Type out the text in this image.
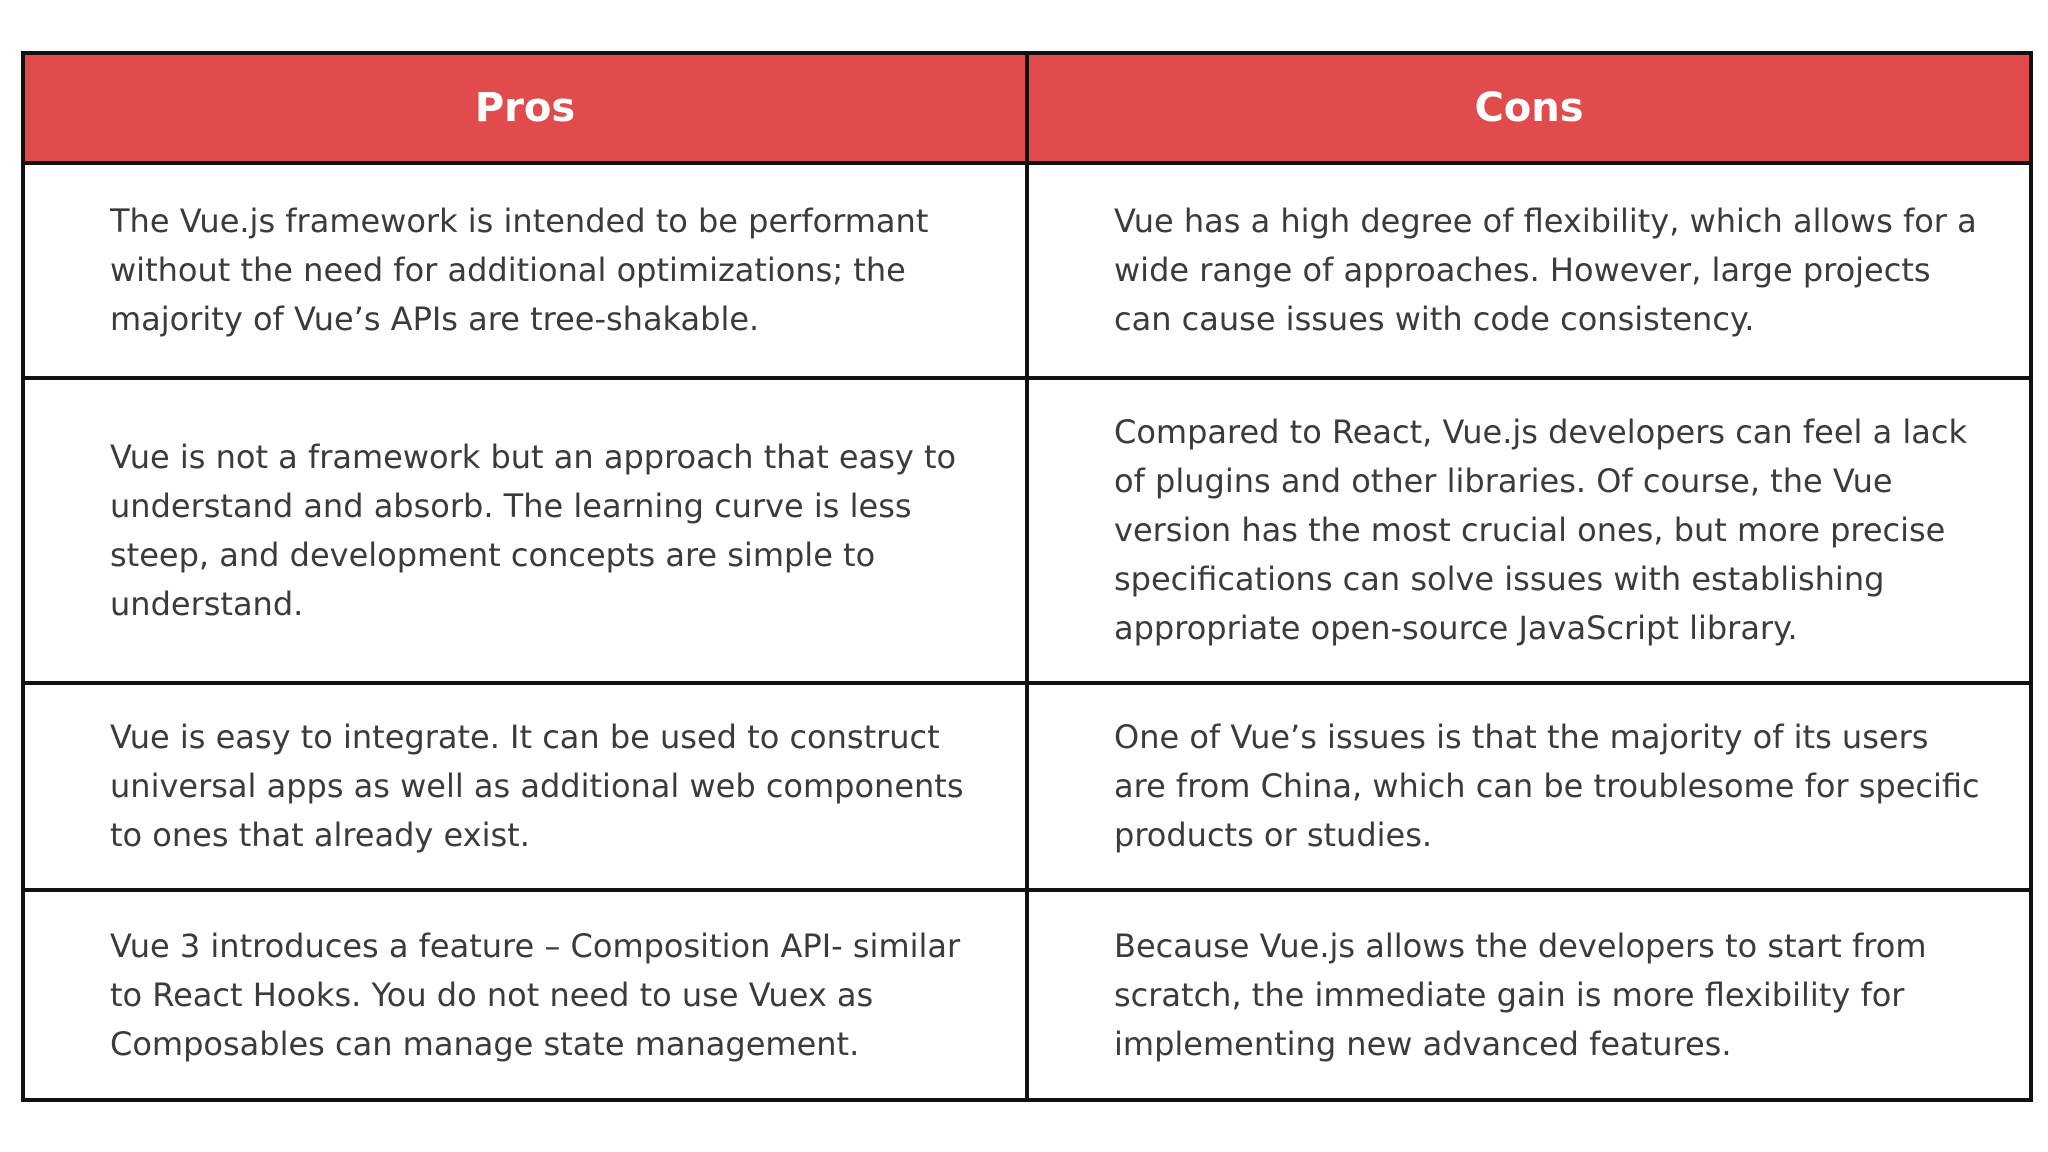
Pros	Cons
The Vue.js framework is intended to be performant without the need for additional optimizations; the majority of Vue’s APIs are tree-shakable.	Vue has a high degree of flexibility, which allows for a wide range of approaches. However, large projects can cause issues with code consistency.
Vue is not a framework but an approach that easy to understand and absorb. The learning curve is less steep, and development concepts are simple to understand.	Compared to React, Vue.js developers can feel a lack of plugins and other libraries. Of course, the Vue version has the most crucial ones, but more precise specifications can solve issues with establishing appropriate open-source JavaScript library.
Vue is easy to integrate. It can be used to construct universal apps as well as additional web components to ones that already exist.	One of Vue’s issues is that the majority of its users are from China, which can be troublesome for specific products or studies.
Vue 3 introduces a feature – Composition API- similar to React Hooks. You do not need to use Vuex as Composables can manage state management.	Because Vue.js allows the developers to start from scratch, the immediate gain is more flexibility for implementing new advanced features.
